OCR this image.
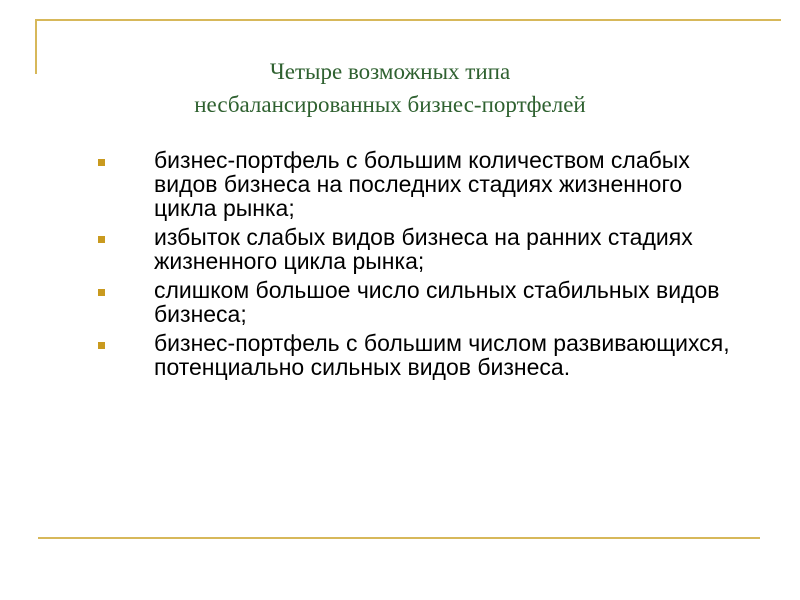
Четыре возможных типа
несбалансированных бизнес-портфелей
бизнес-портфель с большим количеством слабых видов бизнеса на последних стадиях жизненного цикла рынка;
избыток слабых видов бизнеса на ранних стадиях жизненного цикла рынка;
слишком большое число сильных стабильных видов бизнеса;
бизнес-портфель с большим числом развивающихся, потенциально сильных видов бизнеса.
